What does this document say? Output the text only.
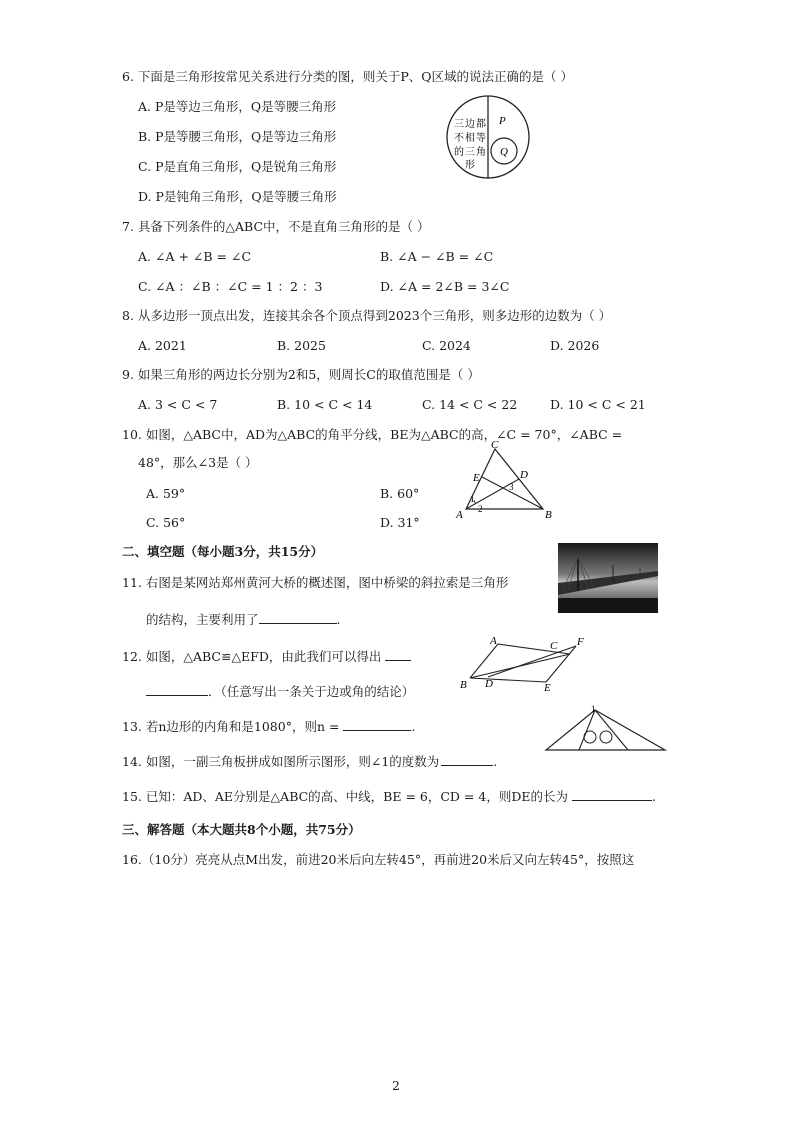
6. 下面是三角形按常见关系进行分类的图，则关于P、Q区域的说法正确的是（ ）
A. P是等边三角形，Q是等腰三角形
B. P是等腰三角形，Q是等边三角形
C. P是直角三角形，Q是锐角三角形
D. P是钝角三角形，Q是等腰三角形
三 边 都
不 相 等
的 三 角
形
P
Q
7. 具备下列条件的△ABC中，不是直角三角形的是（ ）
A. ∠A + ∠B = ∠C	B. ∠A − ∠B = ∠C
C. ∠A ：∠B ：∠C = 1 ：2 ：3	D. ∠A = 2∠B = 3∠C
8. 从多边形一顶点出发，连接其余各个顶点得到2023个三角形，则多边形的边数为（ ）
A. 2021	B. 2025	C. 2024	D. 2026
9. 如果三角形的两边长分别为2和5，则周长C的取值范围是（ ）
A. 3 < C < 7	B. 10 < C < 14	C. 14 < C < 22	D. 10 < C < 21
10. 如图，△ABC中，AD为△ABC的角平分线，BE为△ABC的高，∠C = 70°，∠ABC =
48°，那么∠3是（ ）
A. 59°	B. 60°
C. 56°	D. 31°
C
D
E
A	B
1
2
3
二、填空题（每小题3分，共15分）
11. 右图是某网站郑州黄河大桥的概述图，图中桥梁的斜拉索是三角形
的结构，主要利用了	.
12. 如图，△ABC≌△EFD，由此我们可以得出
．（任意写出一条关于边或角的结论）
A	C F
B D	E
13. 若n边形的内角和是1080°，则n =	.
14. 如图，一副三角板拼成如图所示图形，则∠1的度数为	.
1
15. 已知：AD、AE分别是△ABC的高、中线，BE = 6，CD = 4，则DE的长为	.
三、解答题（本大题共8个小题，共75分）
16.（10分）亮亮从点M出发，前进20米后向左转45°，再前进20米后又向左转45°，按照这
2
